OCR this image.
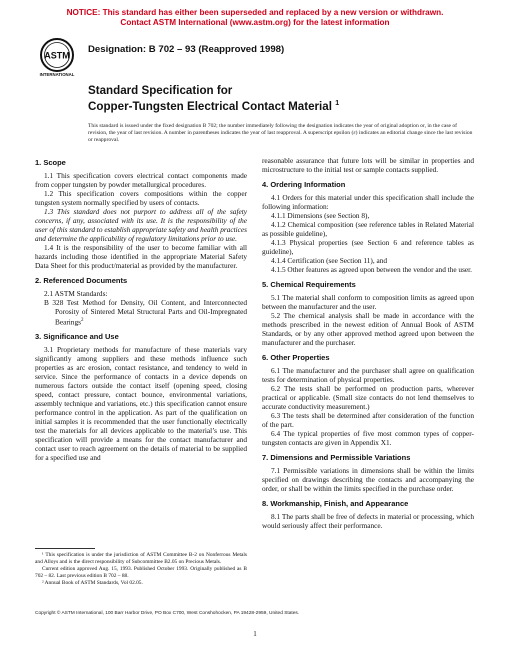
NOTICE: This standard has either been superseded and replaced by a new version or withdrawn.
Contact ASTM International (www.astm.org) for the latest information
ASTM
INTERNATIONAL
Designation: B 702 – 93 (Reapproved 1998)
Standard Specification for
Copper-Tungsten Electrical Contact Material $^1$
This standard is issued under the fixed designation B 702; the number immediately following the designation indicates the year of original adoption or, in the case of revision, the year of last revision. A number in parentheses indicates the year of last reapproval. A superscript epsilon (ε) indicates an editorial change since the last revision or reapproval.
1. Scope

1.1 This specification covers electrical contact components made from copper tungsten by powder metallurgical procedures.

1.2 This specification covers compositions within the copper tungsten system normally specified by users of contacts.

1.3 This standard does not purport to address all of the safety concerns, if any, associated with its use. It is the responsibility of the user of this standard to establish appropriate safety and health practices and determine the applicability of regulatory limitations prior to use.

1.4 It is the responsibility of the user to become familiar with all hazards including those identified in the appropriate Material Safety Data Sheet for this product/material as provided by the manufacturer.

2. Referenced Documents

2.1 ASTM Standards:

B 328 Test Method for Density, Oil Content, and Interconnected Porosity of Sintered Metal Structural Parts and Oil-Impregnated Bearings$^2$

3. Significance and Use

3.1 Proprietary methods for manufacture of these materials vary significantly among suppliers and these methods influence such properties as arc erosion, contact resistance, and tendency to weld in service. Since the performance of contacts in a device depends on numerous factors outside the contact itself (opening speed, closing speed, contact pressure, contact bounce, environmental variations, assembly technique and variations, etc.) this specification cannot ensure performance control in the application. As part of the qualification on initial samples it is recommended that the user functionally electrically test the materials for all devices applicable to the material’s use. This specification will provide a means for the contact manufacturer and contact user to reach agreement on the details of material to be supplied for a specified use and

¹ This specification is under the jurisdiction of ASTM Committee B-2 on Nonferrous Metals and Alloys and is the direct responsibility of Subcommittee B2.05 on Precious Metals.

Current edition approved Aug. 15, 1993. Published October 1993. Originally published as B 702 – 82. Last previous edition B 702 – 88.

² Annual Book of ASTM Standards, Vol 02.05.

reasonable assurance that future lots will be similar in properties and microstructure to the initial test or sample contacts supplied.

4. Ordering Information

4.1 Orders for this material under this specification shall include the following information:

4.1.1 Dimensions (see Section 8),

4.1.2 Chemical composition (see reference tables in Related Material as possible guideline),

4.1.3 Physical properties (see Section 6 and reference tables as guideline),

4.1.4 Certification (see Section 11), and

4.1.5 Other features as agreed upon between the vendor and the user.

5. Chemical Requirements

5.1 The material shall conform to composition limits as agreed upon between the manufacturer and the user.

5.2 The chemical analysis shall be made in accordance with the methods prescribed in the newest edition of Annual Book of ASTM Standards, or by any other approved method agreed upon between the manufacturer and the purchaser.

6. Other Properties

6.1 The manufacturer and the purchaser shall agree on qualification tests for determination of physical properties.

6.2 The tests shall be performed on production parts, wherever practical or applicable. (Small size contacts do not lend themselves to accurate conductivity measurement.)

6.3 The tests shall be determined after consideration of the function of the part.

6.4 The typical properties of five most common types of copper-tungsten contacts are given in Appendix X1.

7. Dimensions and Permissible Variations

7.1 Permissible variations in dimensions shall be within the limits specified on drawings describing the contacts and accompanying the order, or shall be within the limits specified in the purchase order.

8. Workmanship, Finish, and Appearance

8.1 The parts shall be free of defects in material or processing, which would seriously affect their performance.

Copyright © ASTM International, 100 Barr Harbor Drive, PO Box C700, West Conshohocken, PA 19428-2959, United States.
1
